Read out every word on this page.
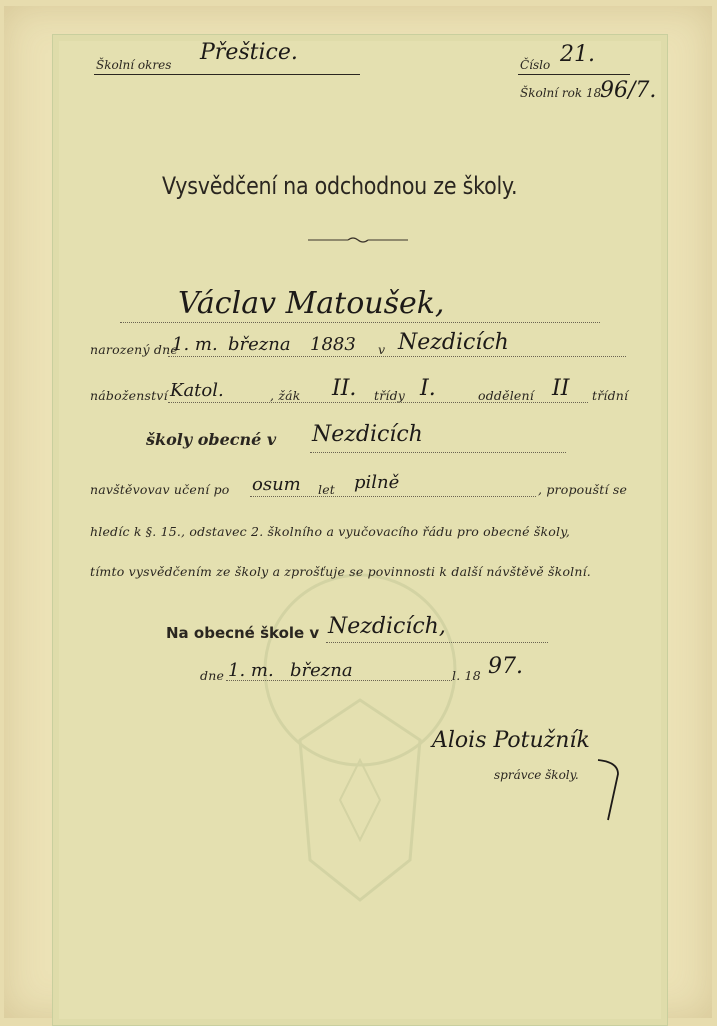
Školní okres Přeštice.	Číslo 21.
Školní rok 18
96/7.
Vysvědčení na odchodnou ze školy.
Václav Matoušek,
narozený dne
1. m. března 1883 v Nezdicích
náboženství Katol.	, žák II. třídy I.	oddělení II třídní
školy obecné v Nezdicích
navštěvovav učení po osum let pilně	, propouští se
hledíc k §. 15., odstavec 2. školního a vyučovacího řádu pro obecné školy,
tímto vysvědčením ze školy a zprošťuje se povinnosti k další návštěvě školní.
Na obecné škole v Nezdicích,
dne 1. m. března	l. 18 97.
Alois Potužník
správce školy.
